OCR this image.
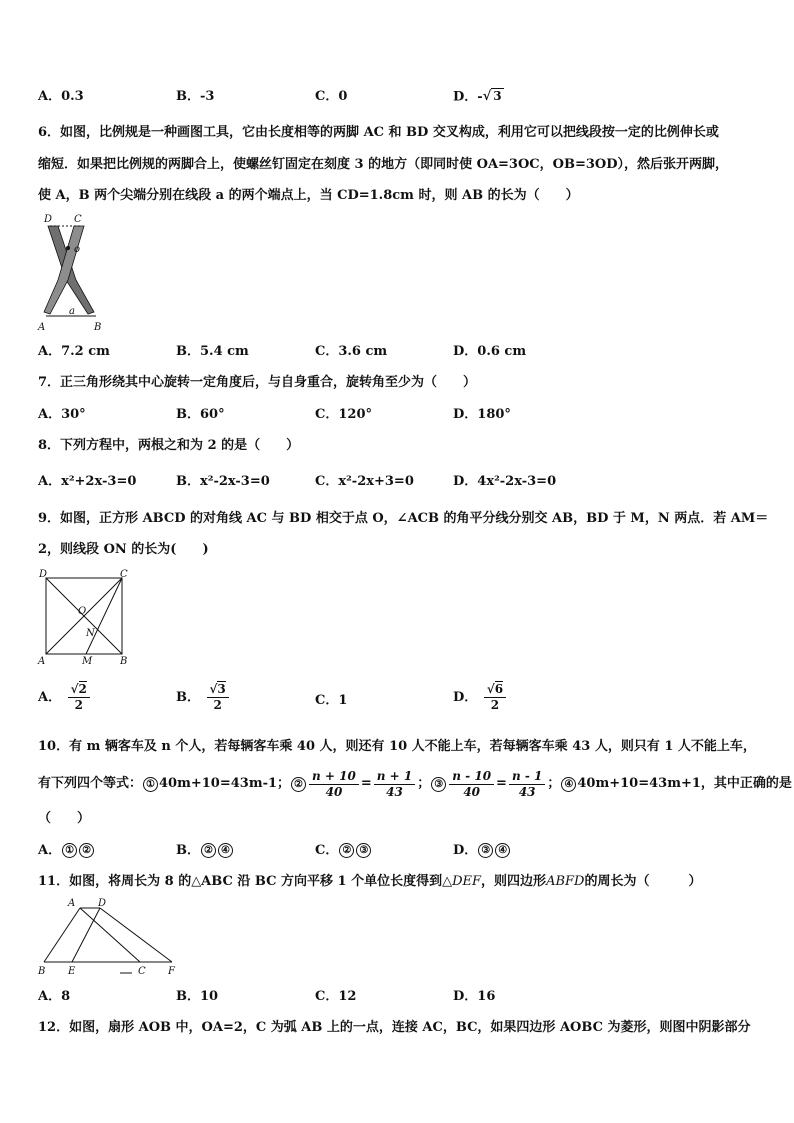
A．0.3	B．-3	C．0	D．-√ 3
6．如图，比例规是一种画图工具，它由长度相等的两脚 AC 和 BD 交叉构成，利用它可以把线段按一定的比例伸长或
缩短．如果把比例规的两脚合上，使螺丝钉固定在刻度 3 的地方（即同时使 OA=3OC，OB=3OD），然后张开两脚，
使 A，B 两个尖端分别在线段 a 的两个端点上，当 CD=1.8cm 时，则 AB 的长为（　　）
D C
o
a
A	B
A．7.2 cm	B．5.4 cm	C．3.6 cm	D．0.6 cm
7．正三角形绕其中心旋转一定角度后，与自身重合，旋转角至少为（　　）
A．30°	B．60°	C．120°	D．180°
8．下列方程中，两根之和为 2 的是（　　）
A．x²+2x-3=0	B．x²-2x-3=0	C．x²-2x+3=0	D．4x²-2x-3=0
9．如图，正方形 ABCD 的对角线 AC 与 BD 相交于点 O，∠ACB 的角平分线分别交 AB，BD 于 M，N 两点．若 AM＝
2，则线段 ON 的长为(　　)
D	C
O
N
A	M	B
A． $\frac{√2}{2}$	B． $\frac{√3}{2}$	C．1	D． $\frac{√6}{2}$
10．有 m 辆客车及 n 个人，若每辆客车乘 40 人，则还有 10 人不能上车，若每辆客车乘 43 人，则只有 1 人不能上车，
有下列四个等式： ① 40m+10=43m-1； ② $\frac{n + 10}{40} = \frac{n + 1}{43}$ ； ③ $\frac{n - 10}{40} = \frac{n - 1}{43}$ ； ④ 40m+10=43m+1，其中正确的是
（　　）
A． ① ②	B． ② ④	C． ② ③	D． ③ ④
11．如图，将周长为 8 的△ABC 沿 BC 方向平移 1 个单位长度得到△DEF，则四边形ABFD的周长为（　　　）
A D
B E	C F
A．8	B．10	C．12	D．16
12．如图，扇形 AOB 中，OA=2，C 为弧 AB 上的一点，连接 AC，BC，如果四边形 AOBC 为菱形，则图中阴影部分
